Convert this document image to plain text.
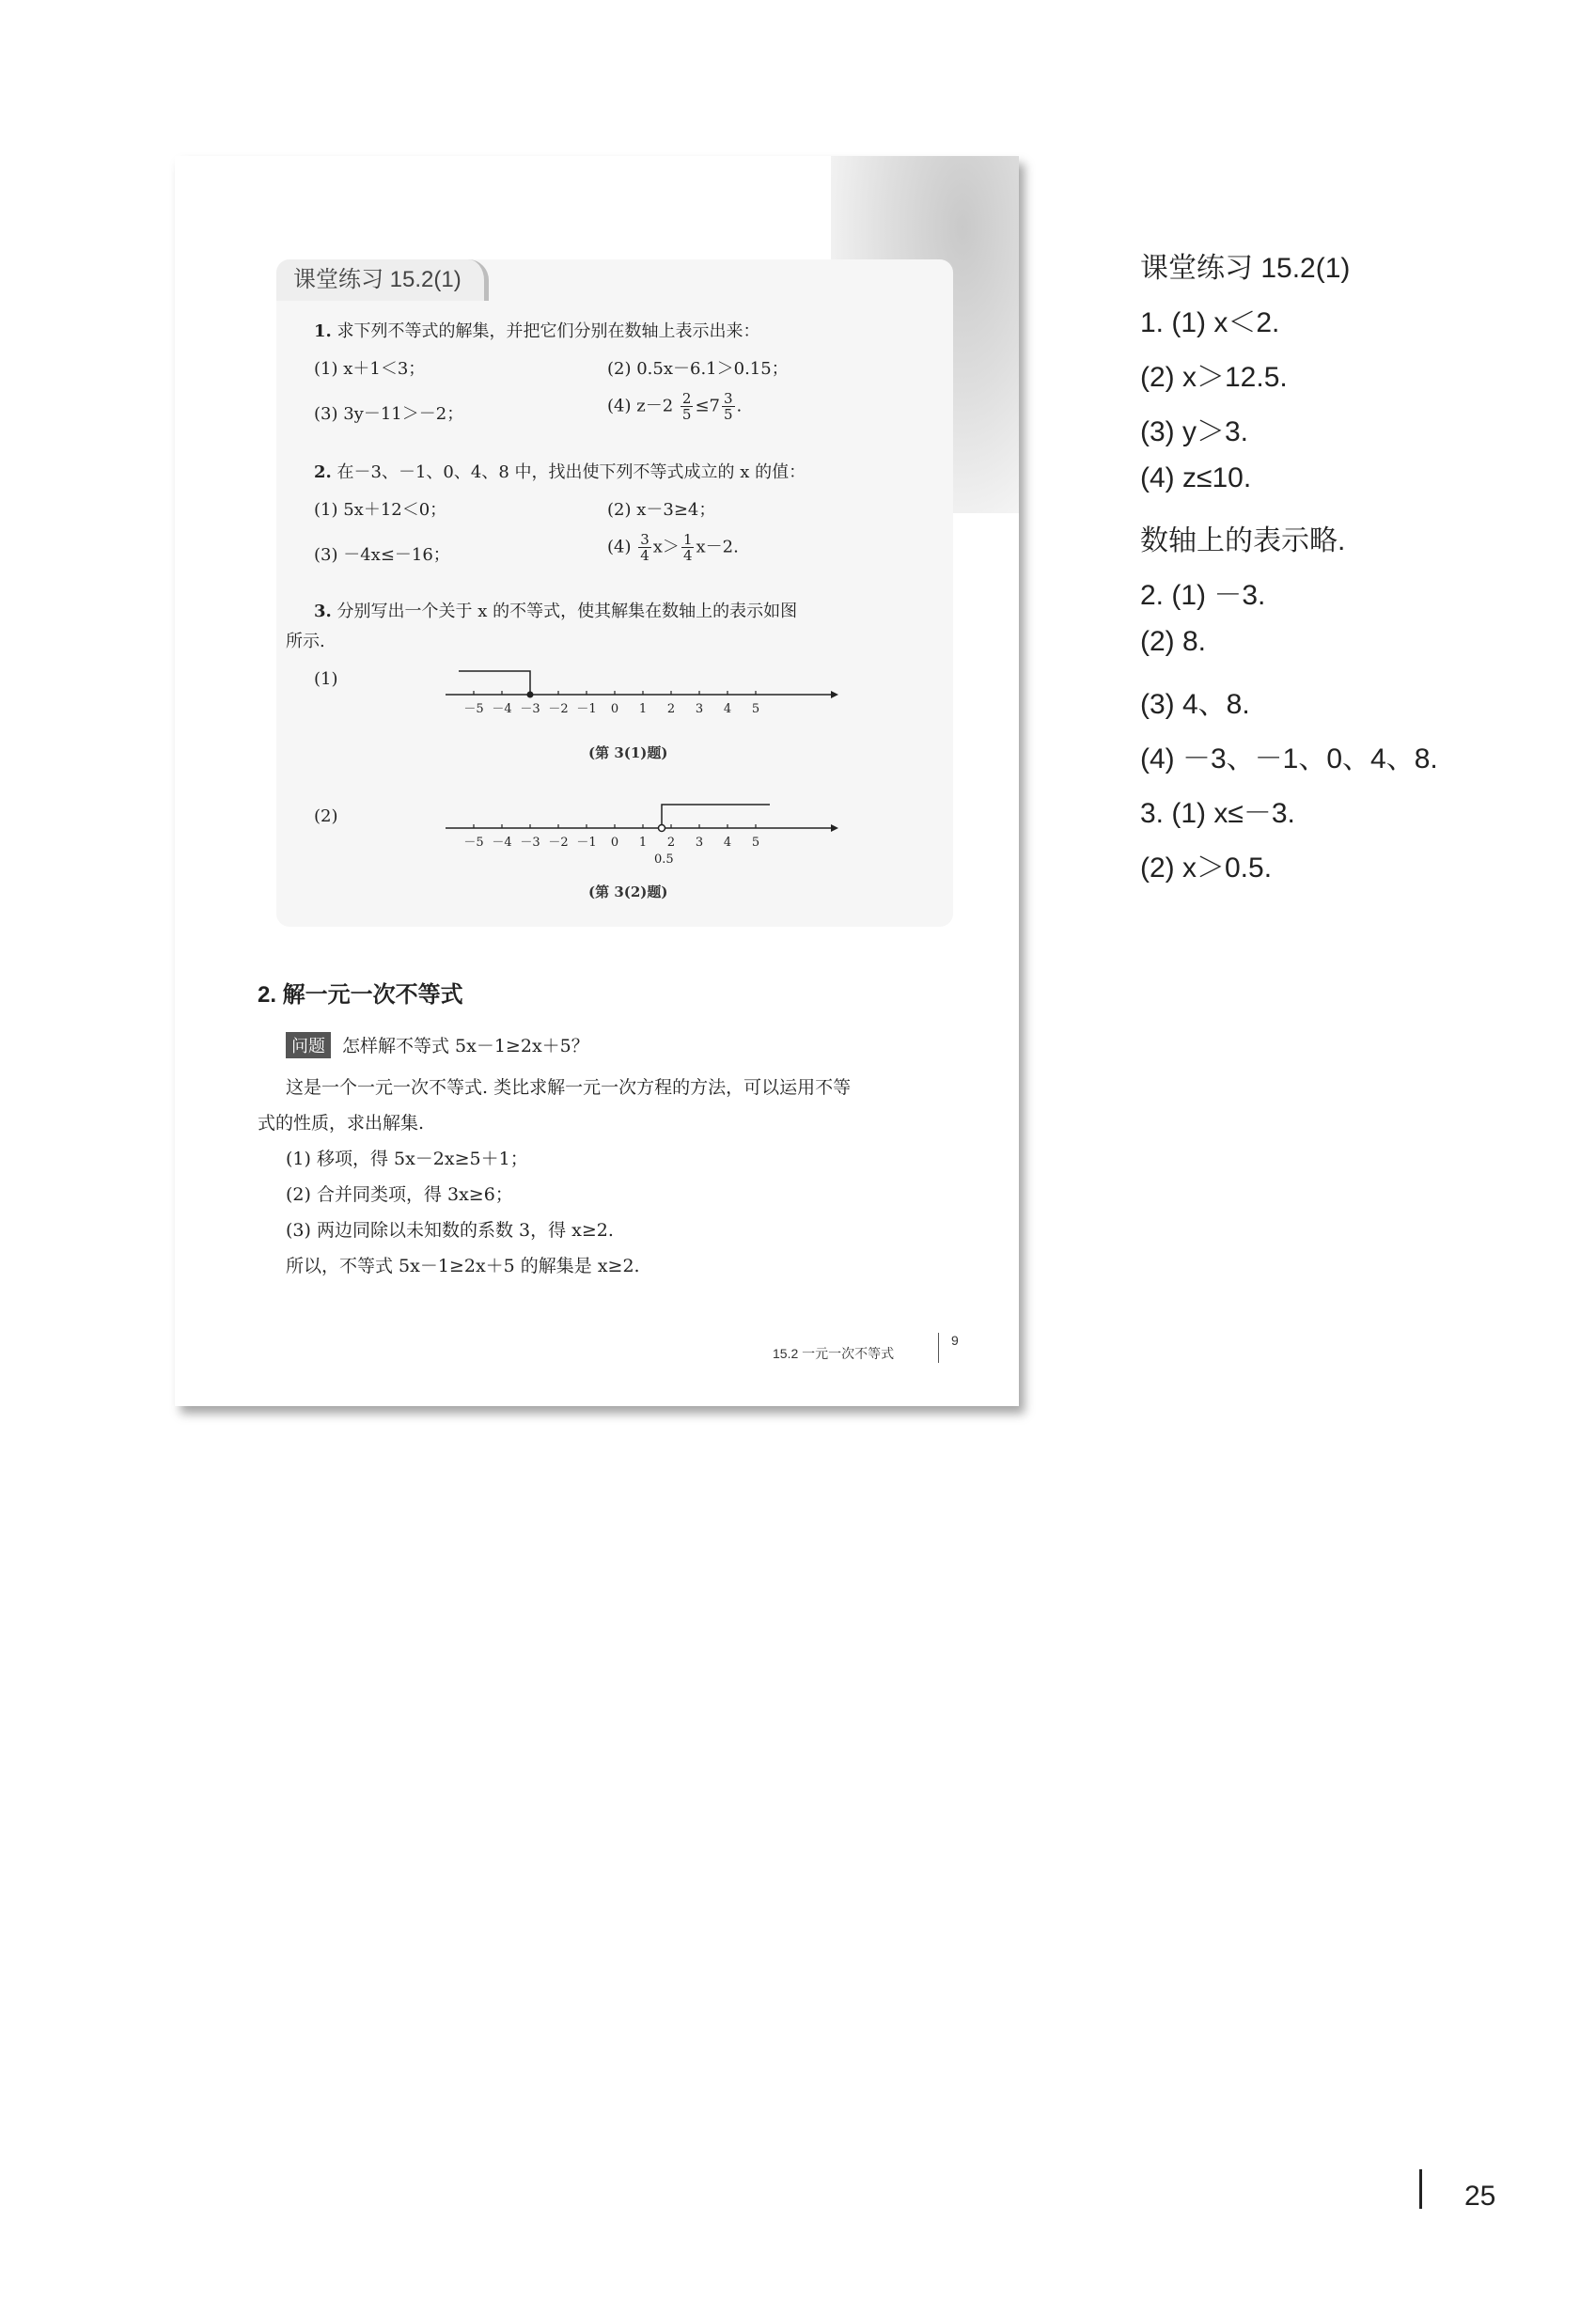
课堂练习 15.2(1)
1. 求下列不等式的解集，并把它们分别在数轴上表示出来：
(1) x＋1＜3；	(2) 0.5x－6.1＞0.15；
(3) 3y－11＞－2；	(4) $z-2 \frac{2}{5} \le 7 \frac{3}{5}$ .
2. 在－3、－1、0、4、8 中，找出使下列不等式成立的 x 的值：
(1) 5x＋12＜0；	(2) x－3≥4；
(3) －4x≤－16；	$(4) \frac{3}{4} x> \frac{1}{4} x-2$.
3. 分别写出一个关于 x 的不等式，使其解集在数轴上的表示如图
所示.
(1)
－5 －4 －3 －2 －1 0 1 2 3 4 5
(第 3(1)题)
(2)
－5 －4 －3 －2 －1 0 1 2 3 4 5
0.5
(第 3(2)题)
2. 解一元一次不等式
问题 怎样解不等式 5x－1≥2x＋5？
这是一个一元一次不等式. 类比求解一元一次方程的方法，可以运用不等
式的性质，求出解集.
(1) 移项，得 5x－2x≥5＋1；
(2) 合并同类项，得 3x≥6；
(3) 两边同除以未知数的系数 3，得 x≥2.
所以，不等式 5x－1≥2x＋5 的解集是 x≥2.
15.2 一元一次不等式
9
课堂练习 15.2(1)
1. (1) x＜2.
(2) x＞12.5.
(3) y＞3.
(4) z≤10.
数轴上的表示略.
2. (1) －3.
(2) 8.
(3) 4、8.
(4) －3、－1、0、4、8.
3. (1) x≤－3.
(2) x＞0.5.
25
